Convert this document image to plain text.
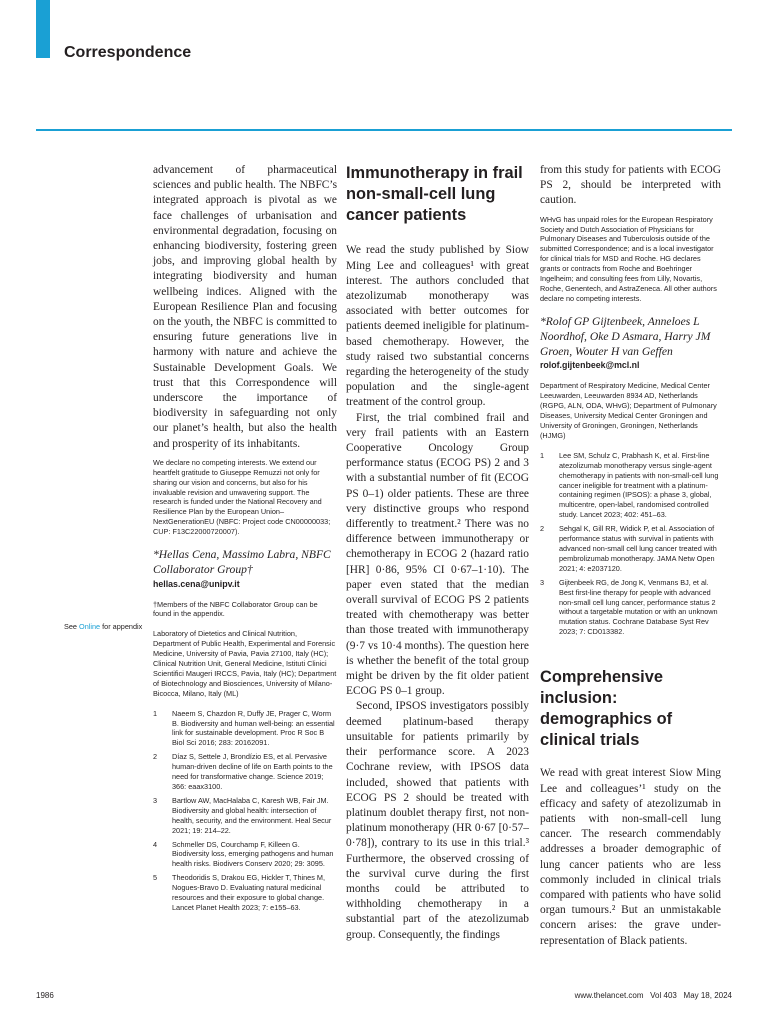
Correspondence

advancement of pharmaceutical sciences and public health. The NBFC’s integrated approach is pivotal as we face challenges of urbanisation and environmental degradation, focusing on enhancing biodiversity, fostering green jobs, and improving global health by integrating biodiversity and human wellbeing indices. Aligned with the European Resilience Plan and focusing on the youth, the NBFC is committed to ensuring future generations live in harmony with nature and achieve the Sustainable Development Goals. We trust that this Correspondence will underscore the importance of biodiversity in safeguarding not only our planet’s health, but also the health and prosperity of its inhabitants.

We declare no competing interests. We extend our heartfelt gratitude to Giuseppe Remuzzi not only for sharing our vision and concerns, but also for his invaluable revision and unwavering support. The research is funded under the National Recovery and Resilience Plan by the European Union–NextGenerationEU (NBFC: Project code CN00000033; CUP: F13C22000720007).

*Hellas Cena, Massimo Labra, NBFC Collaborator Group†

hellas.cena@unipv.it

†Members of the NBFC Collaborator Group can be found in the appendix.

Laboratory of Dietetics and Clinical Nutrition, Department of Public Health, Experimental and Forensic Medicine, University of Pavia, Pavia 27100, Italy (HC); Clinical Nutrition Unit, General Medicine, Istituti Clinici Scientifici Maugeri IRCCS, Pavia, Italy (HC); Department of Biotechnology and Biosciences, University of Milano-Bicocca, Milano, Italy (ML)

1 Naeem S, Chazdon R, Duffy JE, Prager C, Worm B. Biodiversity and human well-being: an essential link for sustainable development. Proc R Soc B Biol Sci 2016; 283: 20162091.
2 Díaz S, Settele J, Brondízio ES, et al. Pervasive human-driven decline of life on Earth points to the need for transformative change. Science 2019; 366: eaax3100.
3 Bartlow AW, MacHalaba C, Karesh WB, Fair JM. Biodiversity and global health: intersection of health, security, and the environment. Heal Secur 2021; 19: 214–22.
4 Schmeller DS, Courchamp F, Killeen G. Biodiversity loss, emerging pathogens and human health risks. Biodivers Conserv 2020; 29: 3095.
5 Theodoridis S, Drakou EG, Hickler T, Thines M, Nogues-Bravo D. Evaluating natural medicinal resources and their exposure to global change. Lancet Planet Health 2023; 7: e155–63.
See Online for appendix
Immunotherapy in frail non-small-cell lung cancer patients

We read the study published by Siow Ming Lee and colleagues¹ with great interest. The authors concluded that atezolizumab monotherapy was associated with better outcomes for patients deemed ineligible for platinum-based chemotherapy. However, the study raised two substantial concerns regarding the heterogeneity of the study population and the single-agent treatment of the control group.

First, the trial combined frail and very frail patients with an Eastern Cooperative Oncology Group performance status (ECOG PS) 2 and 3 with a substantial number of fit (ECOG PS 0–1) older patients. These are three very distinctive groups who respond differently to treatment.² There was no difference between immunotherapy or chemotherapy in ECOG 2 (hazard ratio [HR] 0·86, 95% CI 0·67–1·10). The paper even stated that the median overall survival of ECOG PS 2 patients treated with chemotherapy was better than those treated with immunotherapy (9·7 vs 10·4 months). The question here is whether the benefit of the total group might be driven by the fit older patient ECOG PS 0–1 group.

Second, IPSOS investigators possibly deemed platinum-based therapy unsuitable for patients primarily by their performance score. A 2023 Cochrane review, with IPSOS data included, showed that patients with ECOG PS 2 should be treated with platinum doublet therapy first, not non-platinum monotherapy (HR 0·67 [0·57–0·78]), contrary to its use in this trial.³ Furthermore, the observed crossing of the survival curve during the first months could be attributed to withholding chemotherapy in a substantial part of the atezolizumab group. Consequently, the findings

from this study for patients with ECOG PS 2, should be interpreted with caution.

WHvG has unpaid roles for the European Respiratory Society and Dutch Association of Physicians for Pulmonary Diseases and Tuberculosis outside of the submitted Correspondence; and is a local investigator for clinical trials for MSD and Roche. HG declares grants or contracts from Roche and Boehringer Ingelheim; and consulting fees from Lilly, Novartis, Roche, Genentech, and AstraZeneca. All other authors declare no competing interests.

*Rolof GP Gijtenbeek, Anneloes L Noordhof, Oke D Asmara, Harry JM Groen, Wouter H van Geffen

rolof.gijtenbeek@mcl.nl

Department of Respiratory Medicine, Medical Center Leeuwarden, Leeuwarden 8934 AD, Netherlands (RGPG, ALN, ODA, WHvG); Department of Pulmonary Diseases, University Medical Center Groningen and University of Groningen, Groningen, Netherlands (HJMG)

1 Lee SM, Schulz C, Prabhash K, et al. First-line atezolizumab monotherapy versus single-agent chemotherapy in patients with non-small-cell lung cancer ineligible for treatment with a platinum-containing regimen (IPSOS): a phase 3, global, multicentre, open-label, randomised controlled study. Lancet 2023; 402: 451–63.
2 Sehgal K, Gill RR, Widick P, et al. Association of performance status with survival in patients with advanced non-small cell lung cancer treated with pembrolizumab monotherapy. JAMA Netw Open 2021; 4: e2037120.
3 Gijtenbeek RG, de Jong K, Venmans BJ, et al. Best first-line therapy for people with advanced non-small cell lung cancer, performance status 2 without a targetable mutation or with an unknown mutation status. Cochrane Database Syst Rev 2023; 7: CD013382.
Comprehensive inclusion: demographics of clinical trials

We read with great interest Siow Ming Lee and colleagues’¹ study on the efficacy and safety of atezolizumab in patients with non-small-cell lung cancer. The research commendably addresses a broader demographic of lung cancer patients who are less commonly included in clinical trials compared with patients who have solid organ tumours.² But an unmistakable concern arises: the grave under-representation of Black patients.

1986	www.thelancet.com   Vol 403   May 18, 2024
